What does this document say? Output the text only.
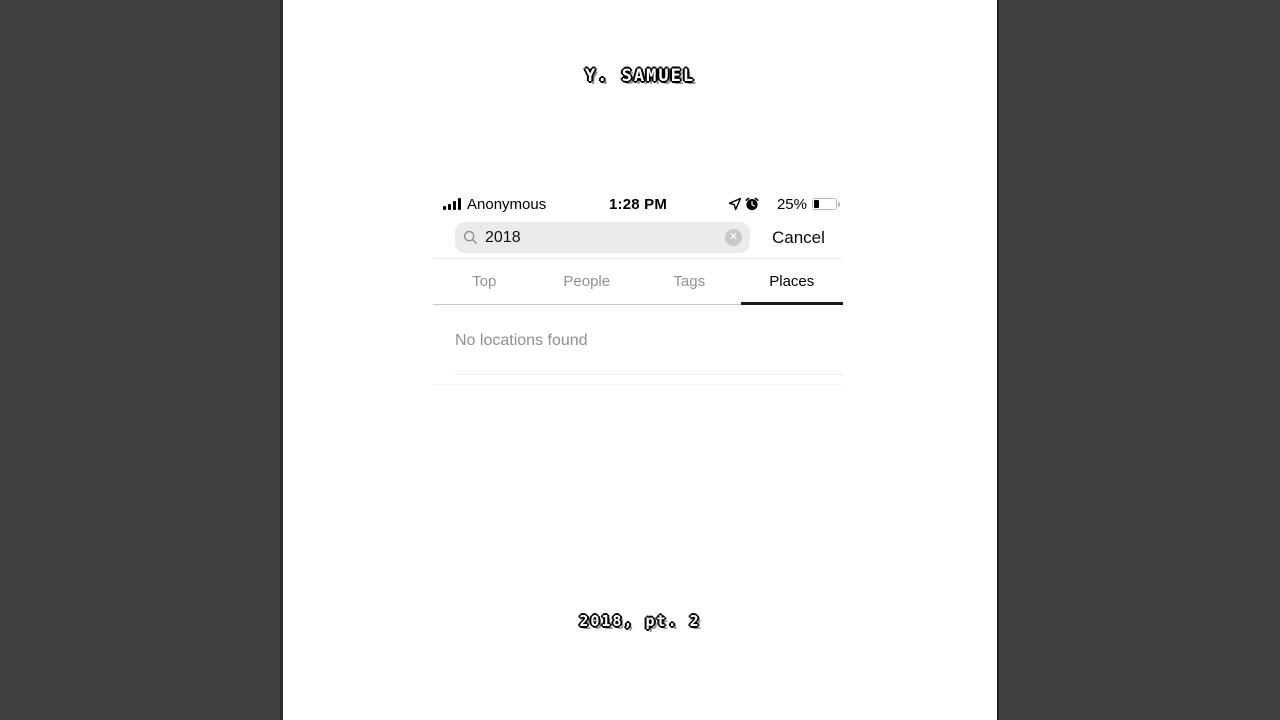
Y. SAMUEL
Anonymous	1:28 PM	25%
2018	✕ Cancel
Top	People	Tags	Places
No locations found
2018, pt. 2
